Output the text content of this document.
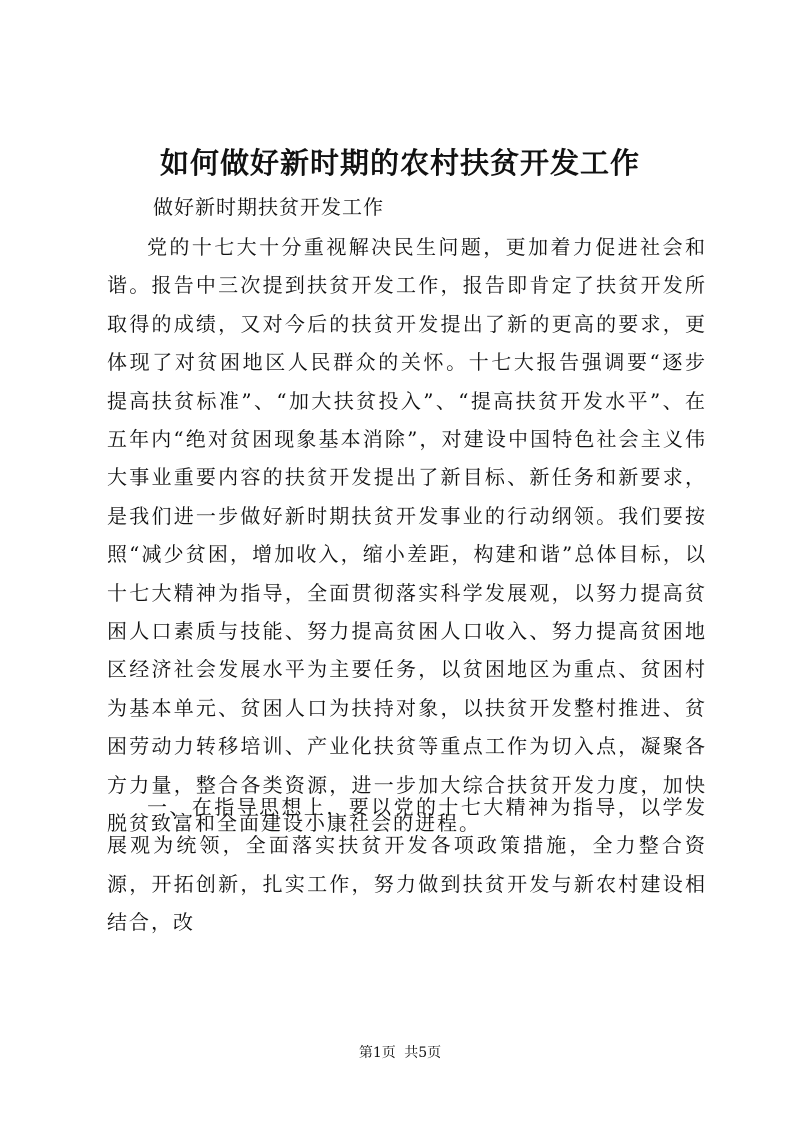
如何做好新时期的农村扶贫开发工作

做好新时期扶贫开发工作

党的十七大十分重视解决民生问题，更加着力促进社会和谐。报告中三次提到扶贫开发工作，报告即肯定了扶贫开发所取得的成绩，又对今后的扶贫开发提出了新的更高的要求，更体现了对贫困地区人民群众的关怀。十七大报告强调要“逐步提高扶贫标准”、“加大扶贫投入”、“提高扶贫开发水平”、在五年内“绝对贫困现象基本消除”，对建设中国特色社会主义伟大事业重要内容的扶贫开发提出了新目标、新任务和新要求，是我们进一步做好新时期扶贫开发事业的行动纲领。我们要按照“减少贫困，增加收入，缩小差距，构建和谐”总体目标，以十七大精神为指导，全面贯彻落实科学发展观，以努力提高贫困人口素质与技能、努力提高贫困人口收入、努力提高贫困地区经济社会发展水平为主要任务，以贫困地区为重点、贫困村为基本单元、贫困人口为扶持对象，以扶贫开发整村推进、贫困劳动力转移培训、产业化扶贫等重点工作为切入点，凝聚各方力量，整合各类资源，进一步加大综合扶贫开发力度，加快脱贫致富和全面建设小康社会的进程。

一、在指导思想上，要以党的十七大精神为指导，以学发展观为统领，全面落实扶贫开发各项政策措施，全力整合资源，开拓创新，扎实工作，努力做到扶贫开发与新农村建设相结合，改

第1页 共5页
